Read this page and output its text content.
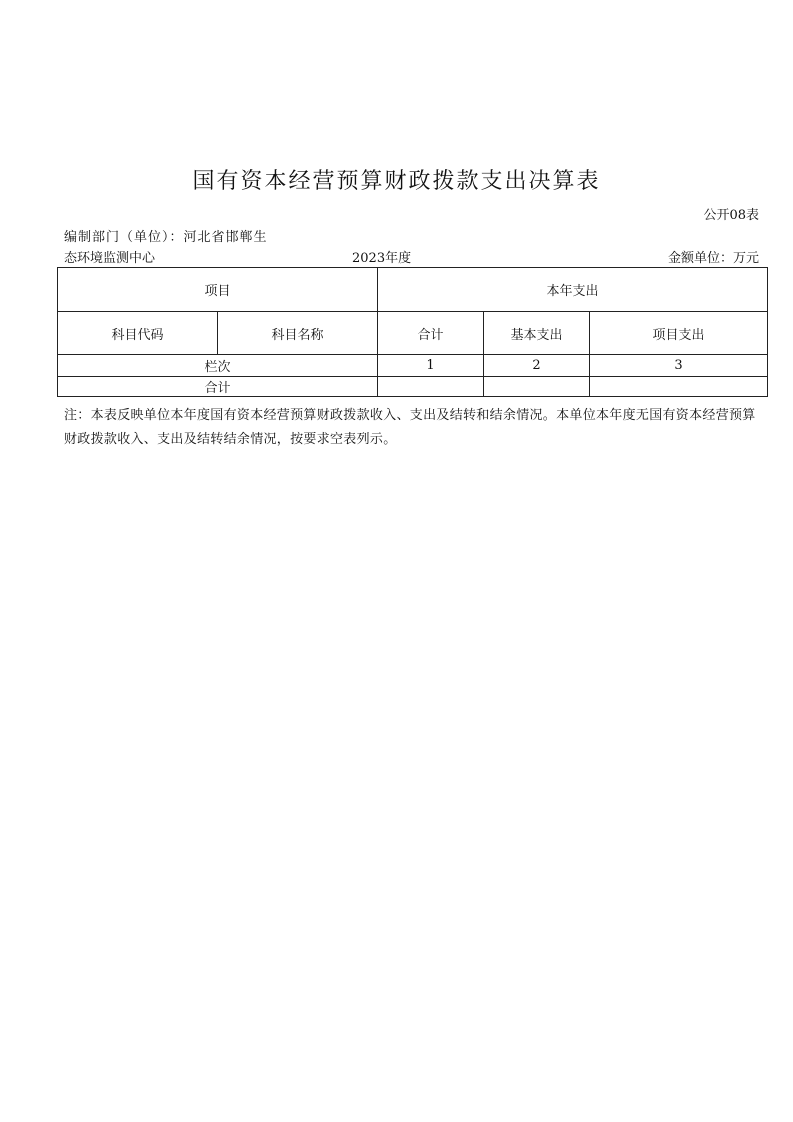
国有资本经营预算财政拨款支出决算表
公开08表
编制部门（单位）：河北省邯郸生
态环境监测中心	2023年度	金额单位：万元
项目		本年支出		
科目代码	科目名称	合计	基本支出	项目支出
栏次		1	2	3
合计				
注：本表反映单位本年度国有资本经营预算财政拨款收入、支出及结转和结余情况。本单位本年度无国有资本经营预算财政拨款收入、支出及结转结余情况，按要求空表列示。
